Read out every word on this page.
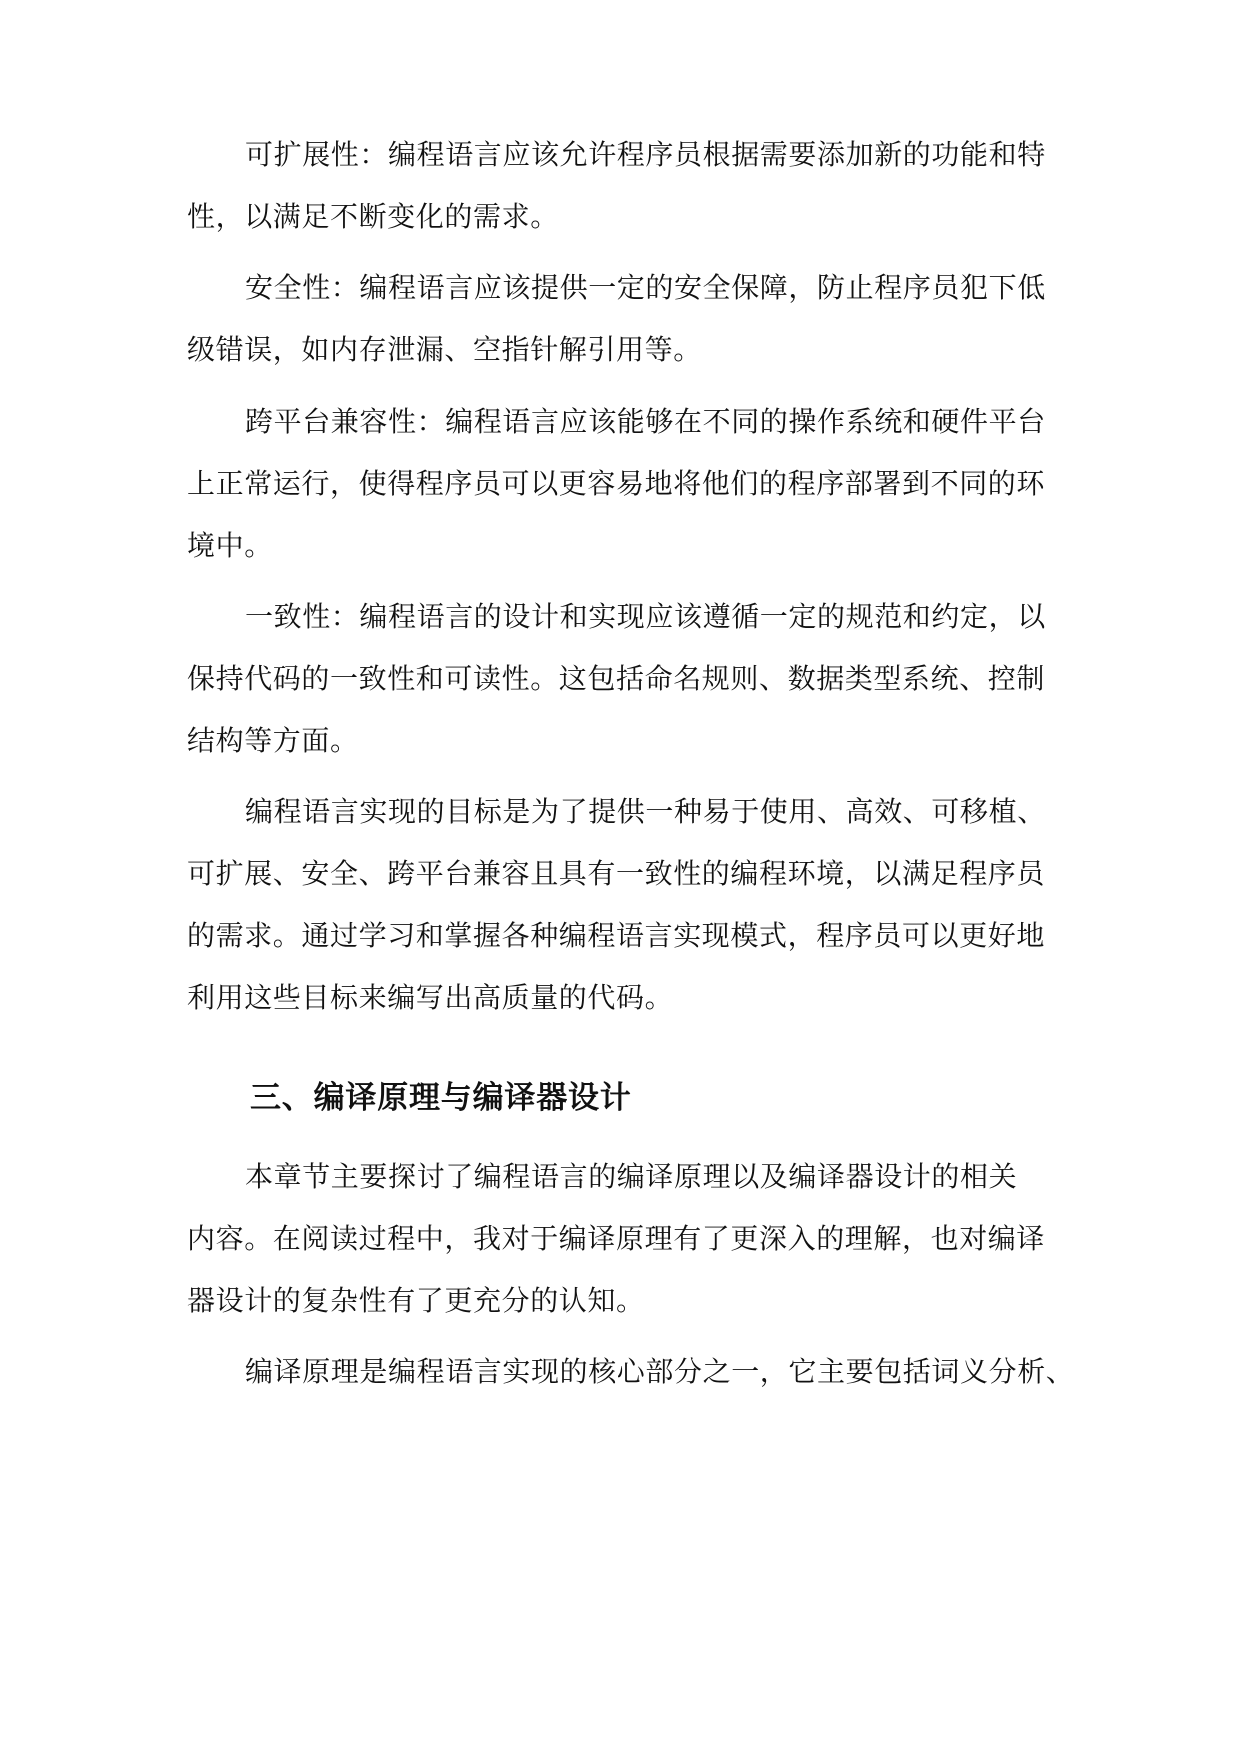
可扩展性：编程语言应该允许程序员根据需要添加新的功能和特
性，以满足不断变化的需求。
安全性：编程语言应该提供一定的安全保障，防止程序员犯下低
级错误，如内存泄漏、空指针解引用等。
跨平台兼容性：编程语言应该能够在不同的操作系统和硬件平台
上正常运行，使得程序员可以更容易地将他们的程序部署到不同的环
境中。
一致性：编程语言的设计和实现应该遵循一定的规范和约定，以
保持代码的一致性和可读性。这包括命名规则、数据类型系统、控制
结构等方面。
编程语言实现的目标是为了提供一种易于使用、高效、可移植、
可扩展、安全、跨平台兼容且具有一致性的编程环境，以满足程序员
的需求。通过学习和掌握各种编程语言实现模式，程序员可以更好地
利用这些目标来编写出高质量的代码。
三、编译原理与编译器设计
本章节主要探讨了编程语言的编译原理以及编译器设计的相关
内容。在阅读过程中，我对于编译原理有了更深入的理解，也对编译
器设计的复杂性有了更充分的认知。
编译原理是编程语言实现的核心部分之一，它主要包括词义分析、
